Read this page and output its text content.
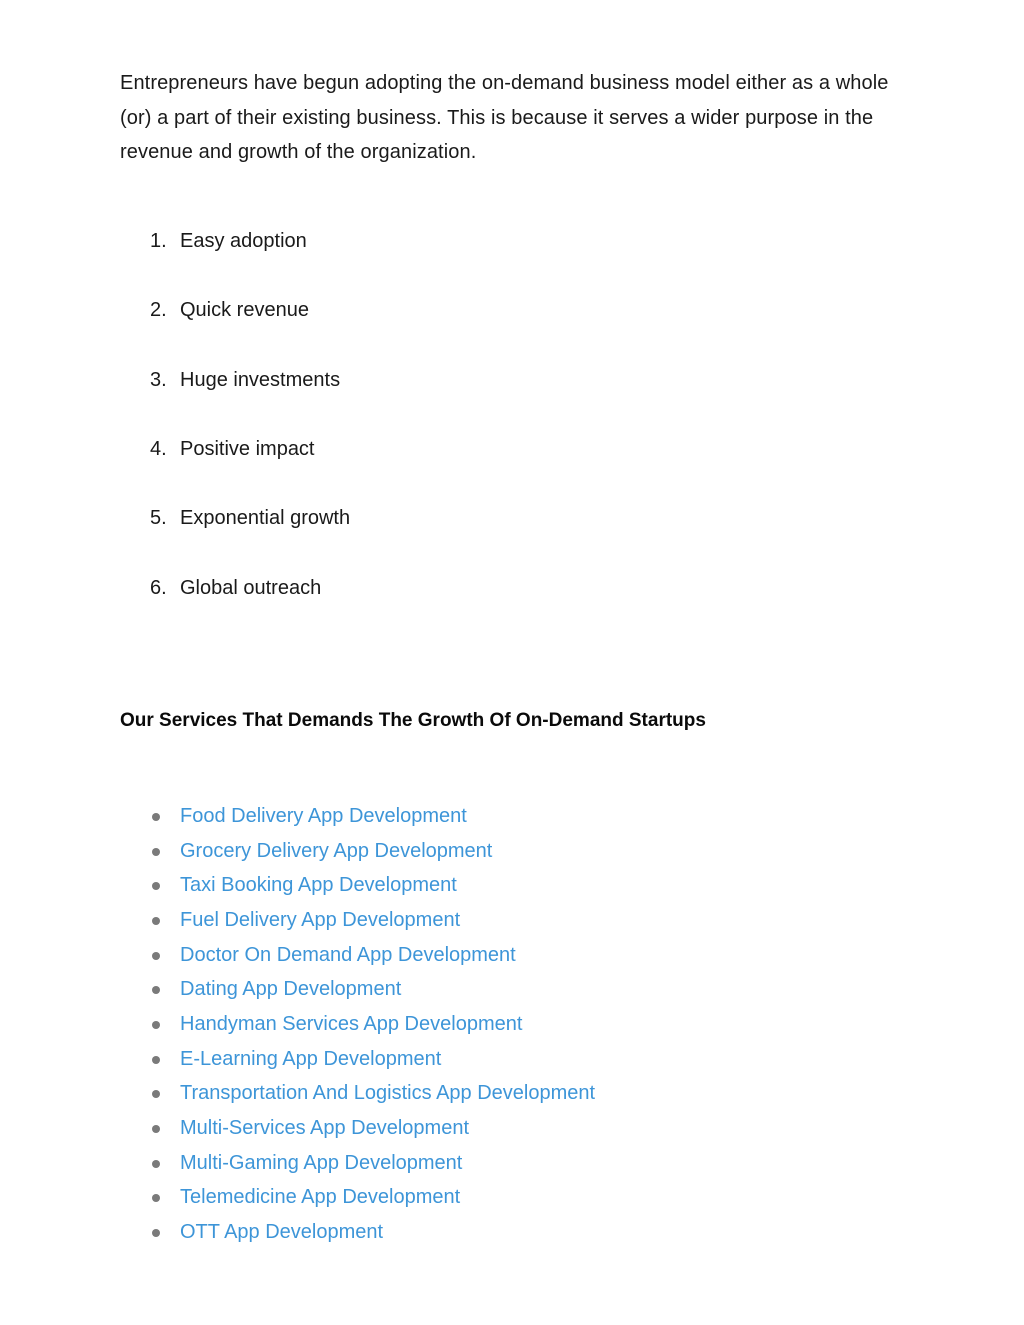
Entrepreneurs have begun adopting the on-demand business model either as a whole (or) a part of their existing business. This is because it serves a wider purpose in the revenue and growth of the organization.

1. Easy adoption
2. Quick revenue
3. Huge investments
4. Positive impact
5. Exponential growth
6. Global outreach
Our Services That Demands The Growth Of On-Demand Startups
Food Delivery App Development
Grocery Delivery App Development
Taxi Booking App Development
Fuel Delivery App Development
Doctor On Demand App Development
Dating App Development
Handyman Services App Development
E-Learning App Development
Transportation And Logistics App Development
Multi-Services App Development
Multi-Gaming App Development
Telemedicine App Development
OTT App Development
